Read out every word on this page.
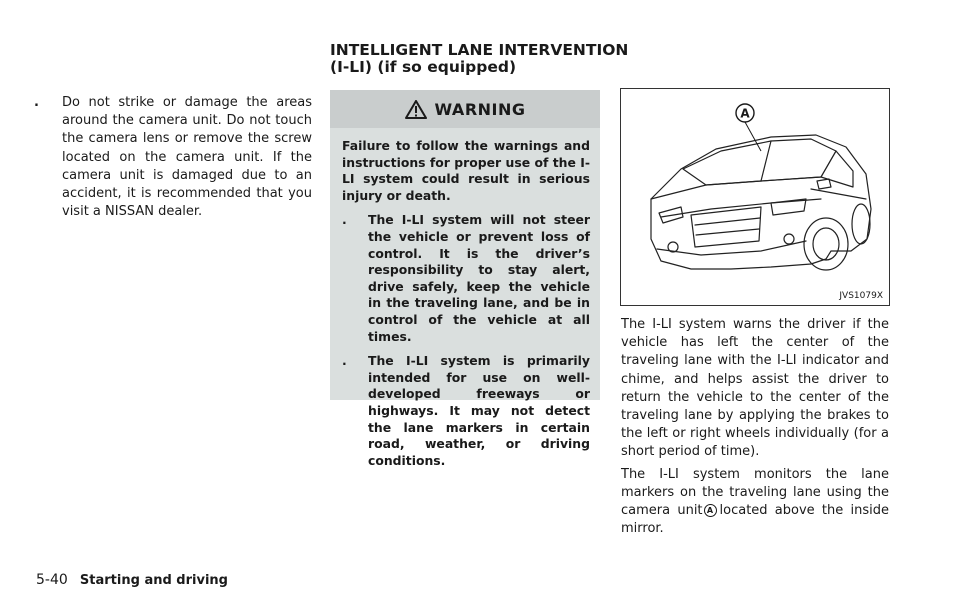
.	Do not strike or damage the areas around the camera unit. Do not touch the camera lens or remove the screw located on the camera unit. If the camera unit is damaged due to an accident, it is recommended that you visit a NISSAN dealer.
INTELLIGENT LANE INTERVENTION
(I-LI) (if so equipped)
WARNING

Failure to follow the warnings and instructions for proper use of the I-LI system could result in serious injury or death.

.	The I-LI system will not steer the vehicle or prevent loss of control. It is the driver’s responsibility to stay alert, drive safely, keep the vehicle in the traveling lane, and be in control of the vehicle at all times.
.	The I-LI system is primarily intended for use on well-developed freeways or highways. It may not detect the lane markers in certain road, weather, or driving conditions.
A
JVS1079X

The I-LI system warns the driver if the vehicle has left the center of the traveling lane with the I-LI indicator and chime, and helps assist the driver to return the vehicle to the center of the traveling lane by applying the brakes to the left or right wheels individually (for a short period of time).

The I-LI system monitors the lane markers on the traveling lane using the camera unit A located above the inside mirror.

5-40 Starting and driving
